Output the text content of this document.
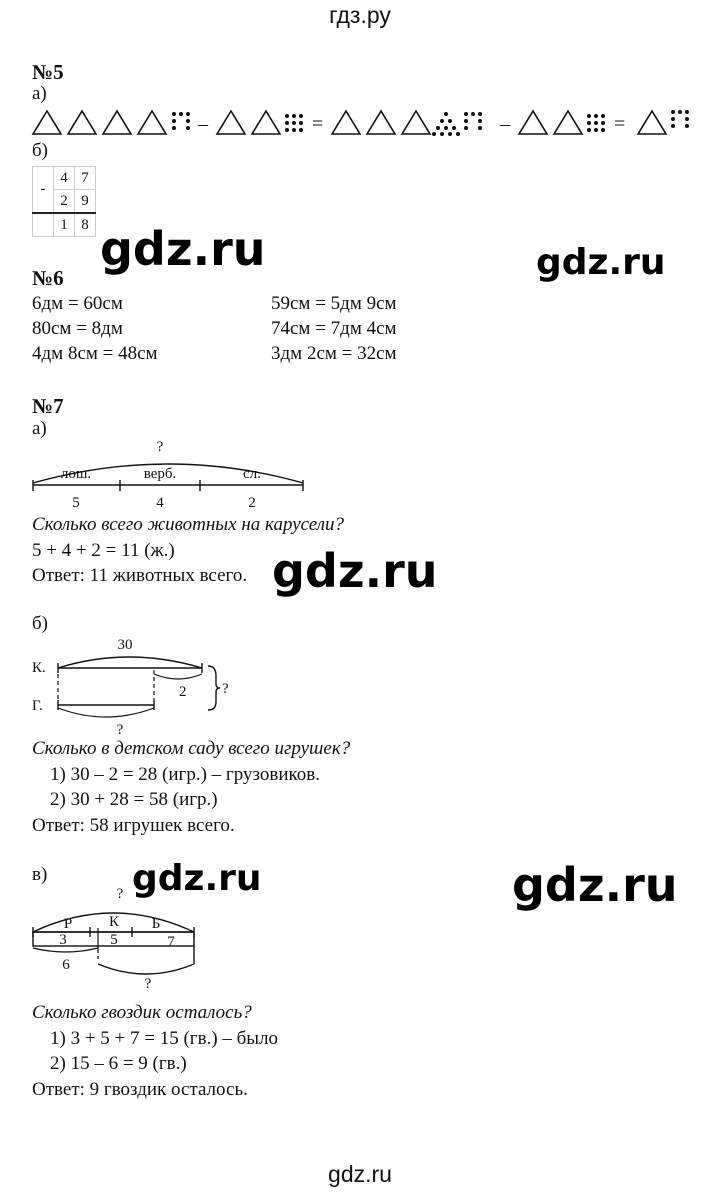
гдз.ру
№5
а)
–	=	–	=
б)
-	4	7
	2	9
	1	8
№6
6дм = 60см	59см = 5дм 9см
80см = 8дм	74см = 7дм 4см
4дм 8см = 48см	3дм 2см = 32см
№7
а)
?
лош.	верб.	сл.
5	4	2
Сколько всего животных на карусели?
5 + 4 + 2 = 11 (ж.)
Ответ: 11 животных всего.
б)
30
К.
Г.
2 ?
?
Сколько в детском саду всего игрушек?
1) 30 – 2 = 28 (игр.) – грузовиков.
2) 30 + 28 = 58 (игр.)
Ответ: 58 игрушек всего.
в)
?
Р К Б
3	5	7
6
?
Сколько гвоздик осталось?
1) 3 + 5 + 7 = 15 (гв.) – было
2) 15 – 6 = 9 (гв.)
Ответ: 9 гвоздик осталось.
gdz.ru	gdz.ru
gdz.ru
gdz.ru	gdz.ru
gdz.ru
